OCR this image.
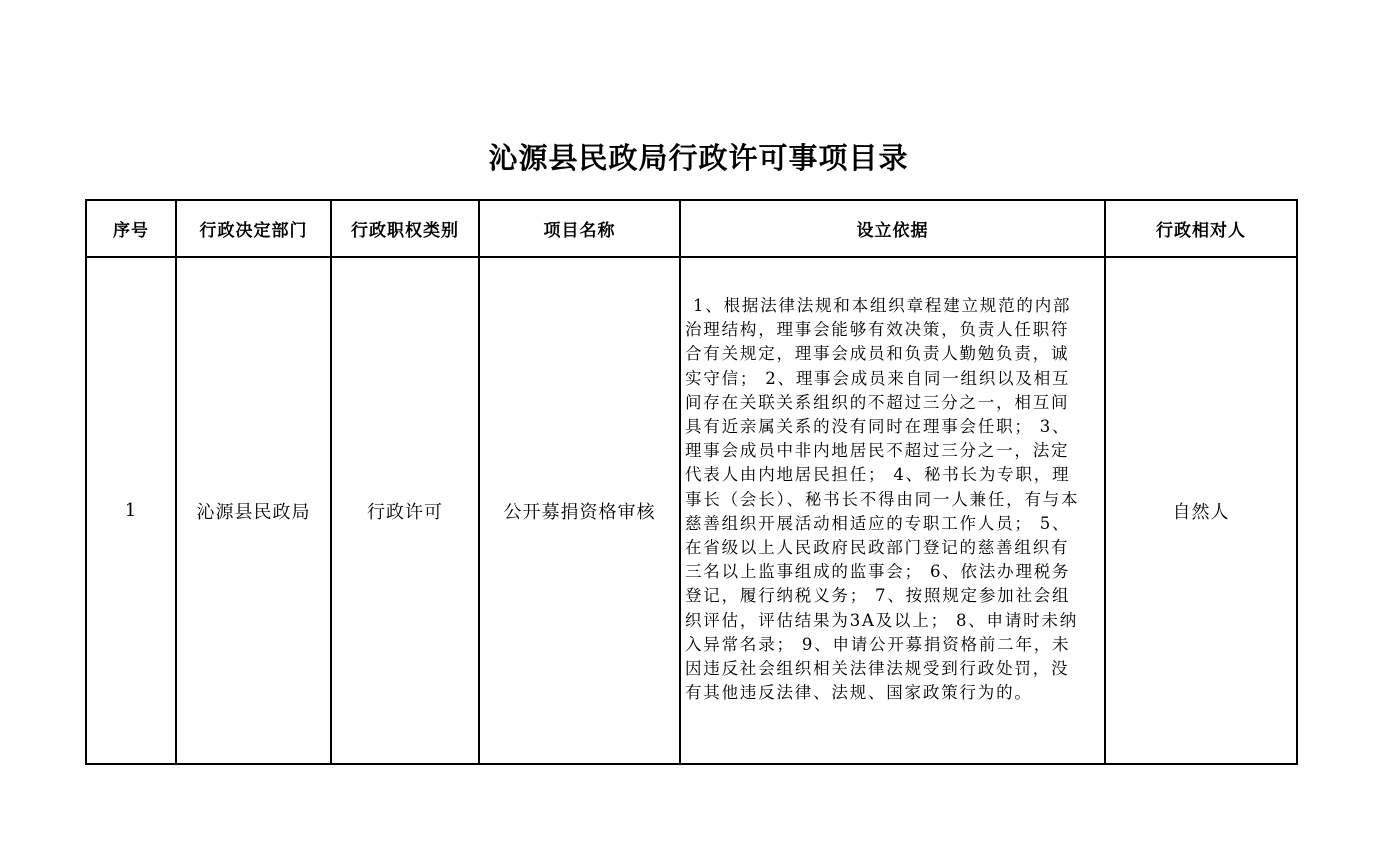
沁源县民政局行政许可事项目录
序号	行政决定部门	行政职权类别	项目名称	设立依据	行政相对人
1	沁源县民政局	行政许可	公开募捐资格审核	1、根据法律法规和本组织章程建立规范的内部治理结构，理事会能够有效决策，负责人任职符合有关规定，理事会成员和负责人勤勉负责，诚实守信； 2、理事会成员来自同一组织以及相互间存在关联关系组织的不超过三分之一，相互间具有近亲属关系的没有同时在理事会任职； 3、理事会成员中非内地居民不超过三分之一，法定代表人由内地居民担任； 4、秘书长为专职，理事长（会长）、秘书长不得由同一人兼任，有与本慈善组织开展活动相适应的专职工作人员； 5、在省级以上人民政府民政部门登记的慈善组织有三名以上监事组成的监事会； 6、依法办理税务登记，履行纳税义务； 7、按照规定参加社会组织评估，评估结果为3A及以上； 8、申请时未纳入异常名录； 9、申请公开募捐资格前二年，未因违反社会组织相关法律法规受到行政处罚，没有其他违反法律、法规、国家政策行为的。	自然人
